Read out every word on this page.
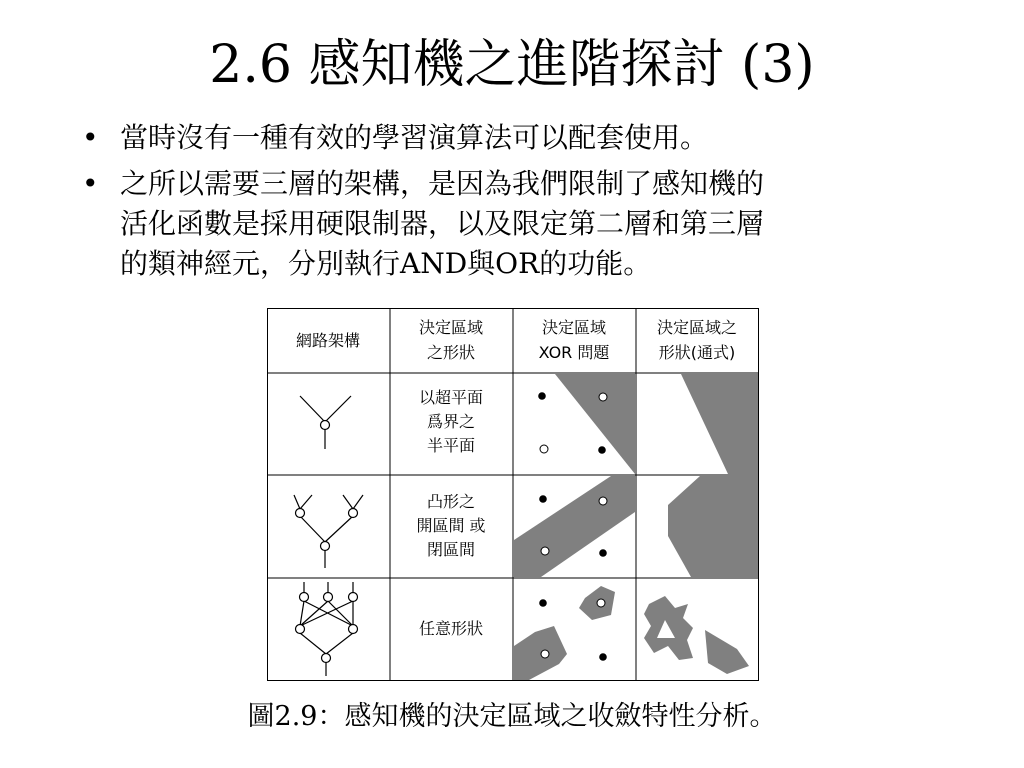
2.6 感知機之進階探討 (3)
• 當時沒有一種有效的學習演算法可以配套使用。
• 之所以需要三層的架構，是因為我們限制了感知機的
活化函數是採用硬限制器，以及限定第二層和第三層
的類神經元，分別執行AND與OR的功能。
網路架構
決定區域
之形狀
決定區域
XOR 問題
決定區域之
形狀(通式)
以超平面
爲界之
半平面
凸形之
開區間 或
閉區間
任意形狀
圖2.9：感知機的決定區域之收斂特性分析。
